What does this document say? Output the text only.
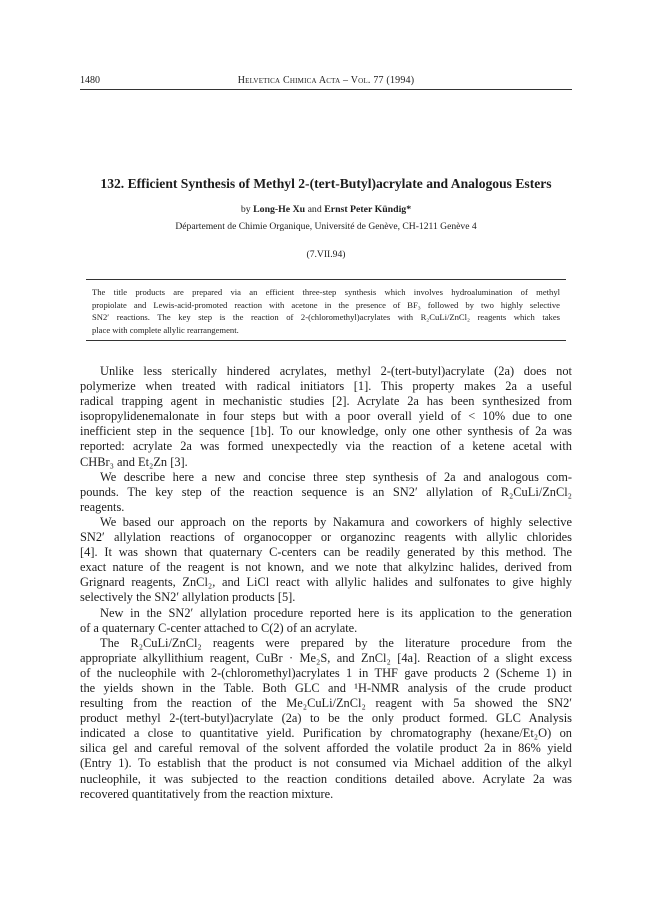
1480	Helvetica Chimica Acta – Vol. 77 (1994)
132. Efficient Synthesis of Methyl 2-(tert-Butyl)acrylate and Analogous Esters
by Long-He Xu and Ernst Peter Kündig*
Département de Chimie Organique, Université de Genève, CH-1211 Genève 4
(7.VII.94)
The title products are prepared via an efficient three-step synthesis which involves hydroalumination of methyl
propiolate and Lewis-acid-promoted reaction with acetone in the presence of BF₃ followed by two highly selective
SN2′ reactions. The key step is the reaction of 2-(chloromethyl)acrylates with R₂CuLi/ZnCl₂ reagents which takes
place with complete allylic rearrangement.
Unlike less sterically hindered acrylates, methyl 2-(tert-butyl)acrylate (2a) does not
polymerize when treated with radical initiators [1]. This property makes 2a a useful
radical trapping agent in mechanistic studies [2]. Acrylate 2a has been synthesized from
isopropylidenemalonate in four steps but with a poor overall yield of < 10% due to one
inefficient step in the sequence [1b]. To our knowledge, only one other synthesis of 2a was
reported: acrylate 2a was formed unexpectedly via the reaction of a ketene acetal with
CHBr₃ and Et₂Zn [3].
We describe here a new and concise three step synthesis of 2a and analogous com-
pounds. The key step of the reaction sequence is an SN2′ allylation of R₂CuLi/ZnCl₂
reagents.
We based our approach on the reports by Nakamura and coworkers of highly selective
SN2′ allylation reactions of organocopper or organozinc reagents with allylic chlorides
[4]. It was shown that quaternary C-centers can be readily generated by this method. The
exact nature of the reagent is not known, and we note that alkylzinc halides, derived from
Grignard reagents, ZnCl₂, and LiCl react with allylic halides and sulfonates to give highly
selectively the SN2′ allylation products [5].
New in the SN2′ allylation procedure reported here is its application to the generation
of a quaternary C-center attached to C(2) of an acrylate.
The R₂CuLi/ZnCl₂ reagents were prepared by the literature procedure from the
appropriate alkyllithium reagent, CuBr · Me₂S, and ZnCl₂ [4a]. Reaction of a slight excess
of the nucleophile with 2-(chloromethyl)acrylates 1 in THF gave products 2 (Scheme 1) in
the yields shown in the Table. Both GLC and ¹H-NMR analysis of the crude product
resulting from the reaction of the Me₂CuLi/ZnCl₂ reagent with 5a showed the SN2′
product methyl 2-(tert-butyl)acrylate (2a) to be the only product formed. GLC Analysis
indicated a close to quantitative yield. Purification by chromatography (hexane/Et₂O) on
silica gel and careful removal of the solvent afforded the volatile product 2a in 86% yield
(Entry 1). To establish that the product is not consumed via Michael addition of the alkyl
nucleophile, it was subjected to the reaction conditions detailed above. Acrylate 2a was
recovered quantitatively from the reaction mixture.
